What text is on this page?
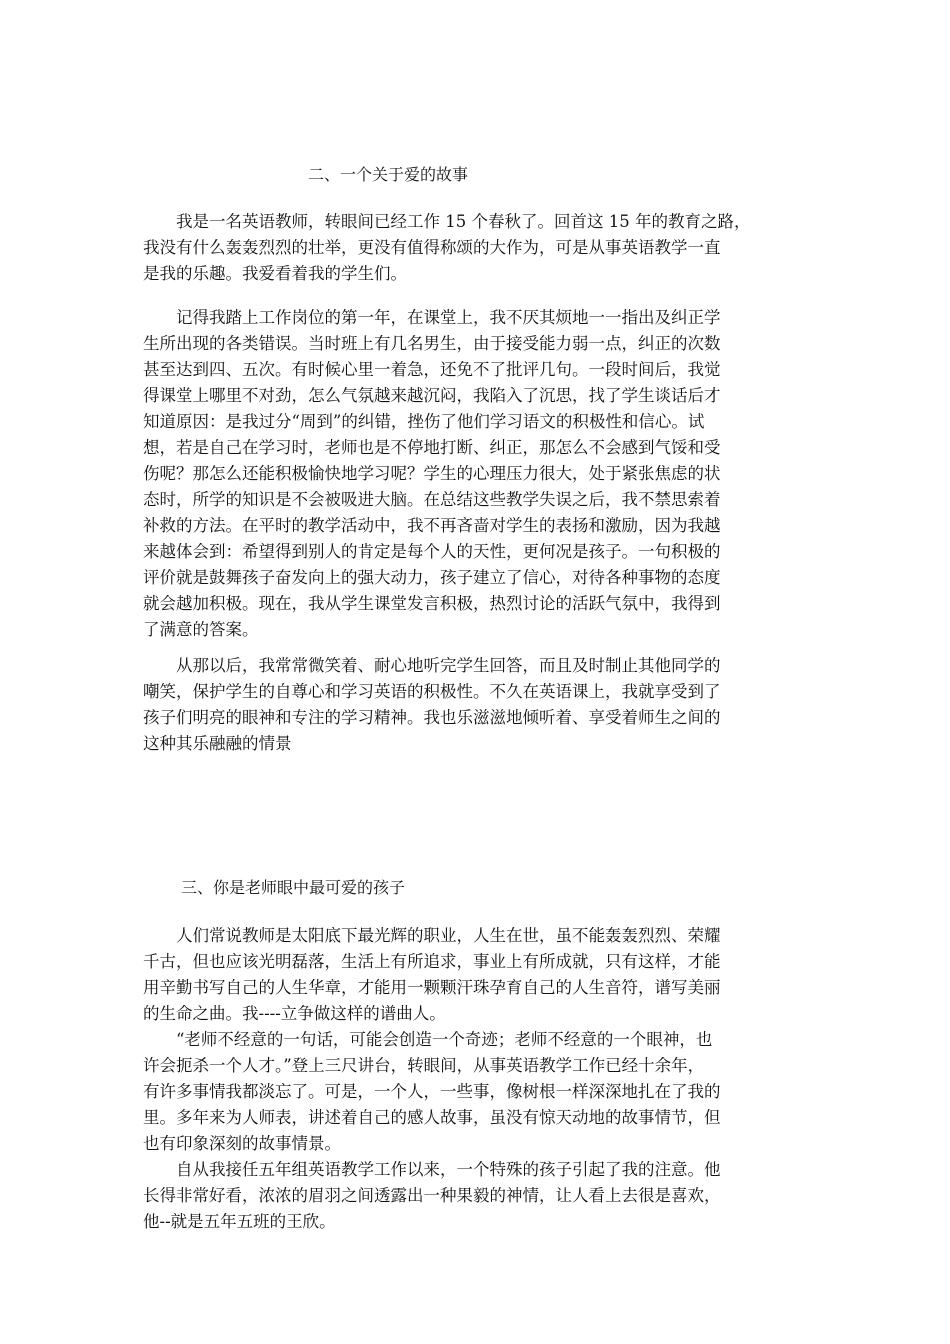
二、一个关于爱的故事
　　我是一名英语教师，转眼间已经工作 15 个春秋了。回首这 15 年的教育之路，
我没有什么轰轰烈烈的壮举，更没有值得称颂的大作为，可是从事英语教学一直
是我的乐趣。我爱看着我的学生们。
　　记得我踏上工作岗位的第一年，在课堂上，我不厌其烦地一一指出及纠正学
生所出现的各类错误。当时班上有几名男生，由于接受能力弱一点，纠正的次数
甚至达到四、五次。有时候心里一着急，还免不了批评几句。一段时间后，我觉
得课堂上哪里不对劲，怎么气氛越来越沉闷，我陷入了沉思，找了学生谈话后才
知道原因：是我过分“周到”的纠错，挫伤了他们学习语文的积极性和信心。试
想，若是自己在学习时，老师也是不停地打断、纠正，那怎么不会感到气馁和受
伤呢？那怎么还能积极愉快地学习呢？学生的心理压力很大，处于紧张焦虑的状
态时，所学的知识是不会被吸进大脑。在总结这些教学失误之后，我不禁思索着
补救的方法。在平时的教学活动中，我不再吝啬对学生的表扬和激励，因为我越
来越体会到：希望得到别人的肯定是每个人的天性，更何况是孩子。一句积极的
评价就是鼓舞孩子奋发向上的强大动力，孩子建立了信心，对待各种事物的态度
就会越加积极。现在，我从学生课堂发言积极，热烈讨论的活跃气氛中，我得到
了满意的答案。
　　从那以后，我常常微笑着、耐心地听完学生回答，而且及时制止其他同学的
嘲笑，保护学生的自尊心和学习英语的积极性。不久在英语课上，我就享受到了
孩子们明亮的眼神和专注的学习精神。我也乐滋滋地倾听着、享受着师生之间的
这种其乐融融的情景
三、你是老师眼中最可爱的孩子
　　人们常说教师是太阳底下最光辉的职业，人生在世，虽不能轰轰烈烈、荣耀
千古，但也应该光明磊落，生活上有所追求，事业上有所成就，只有这样，才能
用辛勤书写自己的人生华章，才能用一颗颗汗珠孕育自己的人生音符，谱写美丽
的生命之曲。我----立争做这样的谱曲人。
　　“老师不经意的一句话，可能会创造一个奇迹；老师不经意的一个眼神，也
许会扼杀一个人才。”登上三尺讲台，转眼间，从事英语教学工作已经十余年，
有许多事情我都淡忘了。可是，一个人，一些事，像树根一样深深地扎在了我的
里。多年来为人师表，讲述着自己的感人故事，虽没有惊天动地的故事情节，但
也有印象深刻的故事情景。
　　自从我接任五年组英语教学工作以来，一个特殊的孩子引起了我的注意。他
长得非常好看，浓浓的眉羽之间透露出一种果毅的神情，让人看上去很是喜欢，
他--就是五年五班的王欣。
